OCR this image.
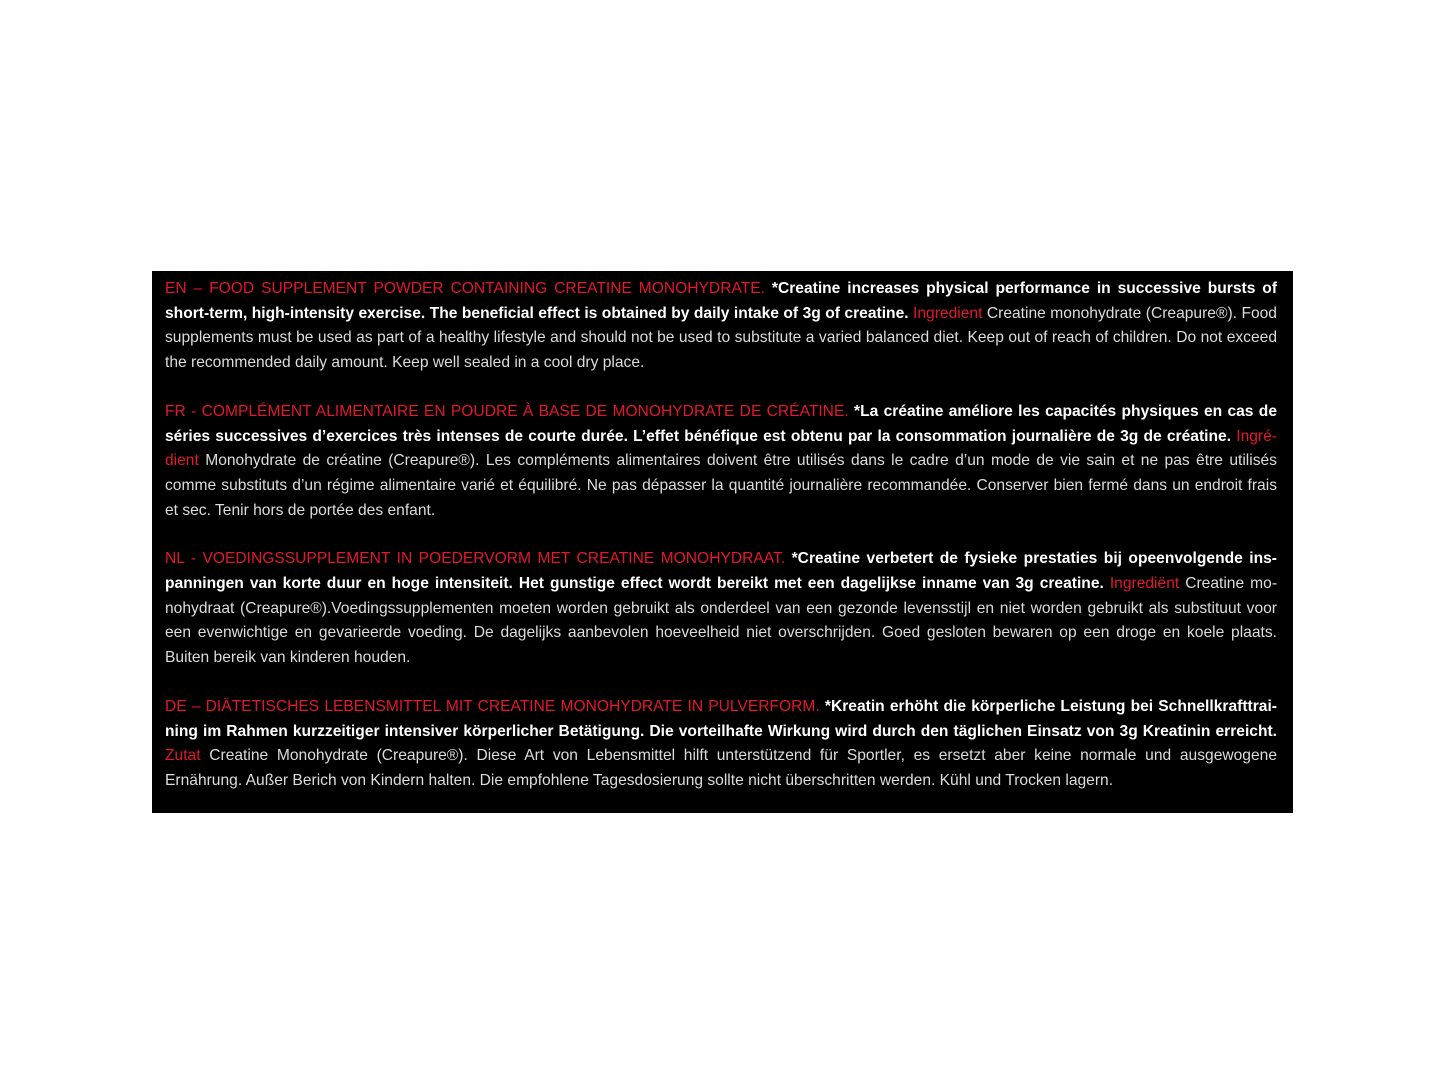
EN – FOOD SUPPLEMENT POWDER CONTAINING CREATINE MONOHYDRATE. *Creatine increases physical performance in successive bursts of short-term, high-intensity exercise. The beneficial effect is obtained by daily intake of 3g of creatine. Ingredient Creatine monohydrate (Creapure®). Food supplements must be used as part of a healthy lifestyle and should not be used to substitute a varied balanced diet. Keep out of reach of children. Do not exceed the recommended daily amount. Keep well sealed in a cool dry place.

FR - COMPLÉMENT ALIMENTAIRE EN POUDRE À BASE DE MONOHYDRATE DE CRÉATINE. *La créatine améliore les capacités physiques en cas de séries successives d’exercices très intenses de courte durée. L’effet bénéfique est obtenu par la consommation journalière de 3g de créatine. Ingrédient Monohydrate de créatine (Creapure®). Les compléments alimentaires doivent être utilisés dans le cadre d’un mode de vie sain et ne pas être utilisés comme substituts d’un régime alimentaire varié et équilibré. Ne pas dépasser la quantité journalière recommandée. Conserver bien fermé dans un endroit frais et sec. Tenir hors de portée des enfant.

NL - VOEDINGSSUPPLEMENT IN POEDERVORM MET CREATINE MONOHYDRAAT. *Creatine verbetert de fysieke prestaties bij opeenvolgende inspanningen van korte duur en hoge intensiteit. Het gunstige effect wordt bereikt met een dagelijkse inname van 3g creatine. Ingrediënt Creatine monohydraat (Creapure®).Voedingssupplementen moeten worden gebruikt als onderdeel van een gezonde levensstijl en niet worden gebruikt als substituut voor een evenwichtige en gevarieerde voeding. De dagelijks aanbevolen hoeveelheid niet overschrijden. Goed gesloten bewaren op een droge en koele plaats. Buiten bereik van kinderen houden.

DE – DIÄTETISCHES LEBENSMITTEL MIT CREATINE MONOHYDRATE IN PULVERFORM. *Kreatin erhöht die körperliche Leistung bei Schnellkrafttraining im Rahmen kurzzeitiger intensiver körperlicher Betätigung. Die vorteilhafte Wirkung wird durch den täglichen Einsatz von 3g Kreatinin erreicht. Zutat Creatine Monohydrate (Creapure®). Diese Art von Lebensmittel hilft unterstützend für Sportler, es ersetzt aber keine normale und ausgewogene Ernährung. Außer Berich von Kindern halten. Die empfohlene Tagesdosierung sollte nicht überschritten werden. Kühl und Trocken lagern.
